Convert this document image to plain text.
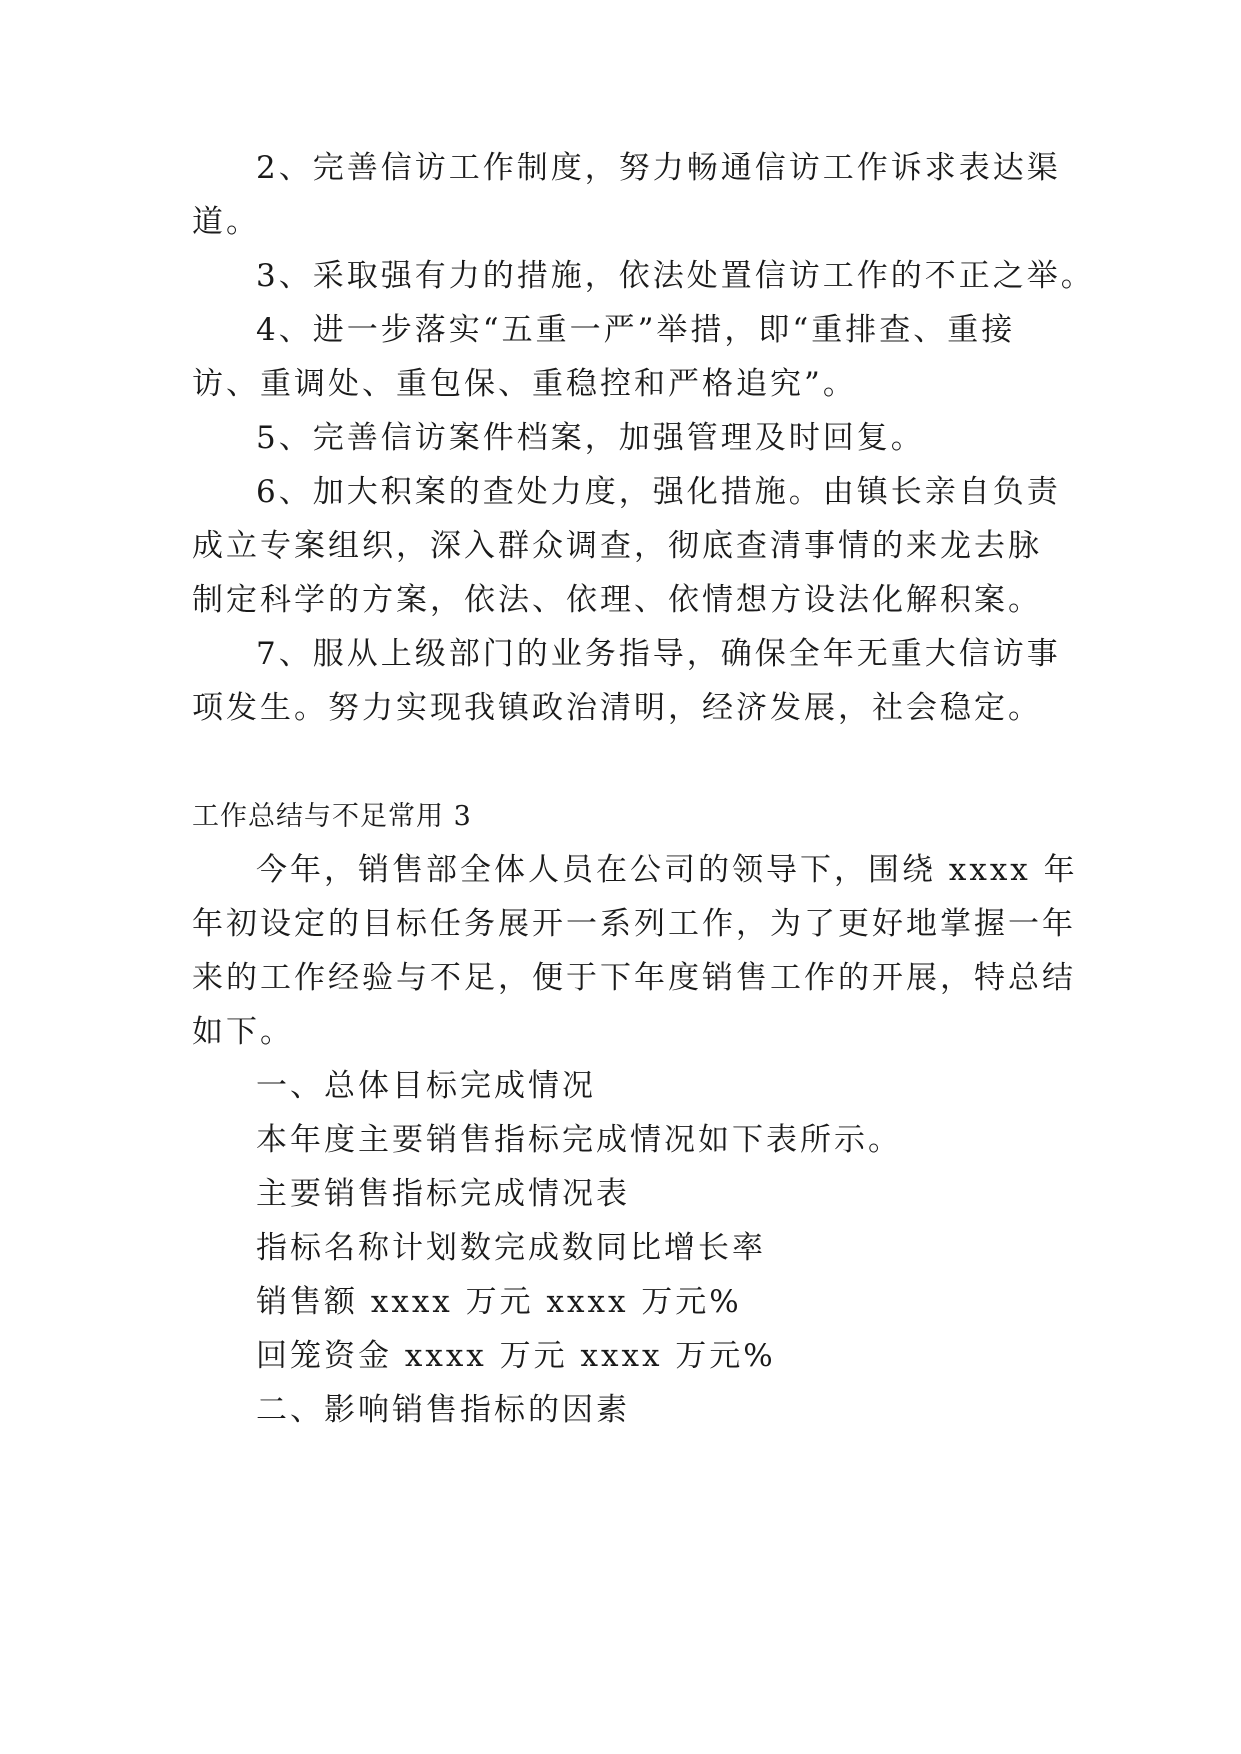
2、完善信访工作制度，努力畅通信访工作诉求表达渠
道。
3、采取强有力的措施，依法处置信访工作的不正之举。
4、进一步落实“五重一严”举措，即“重排查、重接
访、重调处、重包保、重稳控和严格追究”。
5、完善信访案件档案，加强管理及时回复。
6、加大积案的查处力度，强化措施。由镇长亲自负责
成立专案组织，深入群众调查，彻底查清事情的来龙去脉
制定科学的方案，依法、依理、依情想方设法化解积案。
7、服从上级部门的业务指导，确保全年无重大信访事
项发生。努力实现我镇政治清明，经济发展，社会稳定。
工作总结与不足常用 3
今年，销售部全体人员在公司的领导下，围绕 xxxx 年
年初设定的目标任务展开一系列工作，为了更好地掌握一年
来的工作经验与不足，便于下年度销售工作的开展，特总结
如下。
一、总体目标完成情况
本年度主要销售指标完成情况如下表所示。
主要销售指标完成情况表
指标名称计划数完成数同比增长率
销售额 xxxx 万元 xxxx 万元%
回笼资金 xxxx 万元 xxxx 万元%
二、影响销售指标的因素
